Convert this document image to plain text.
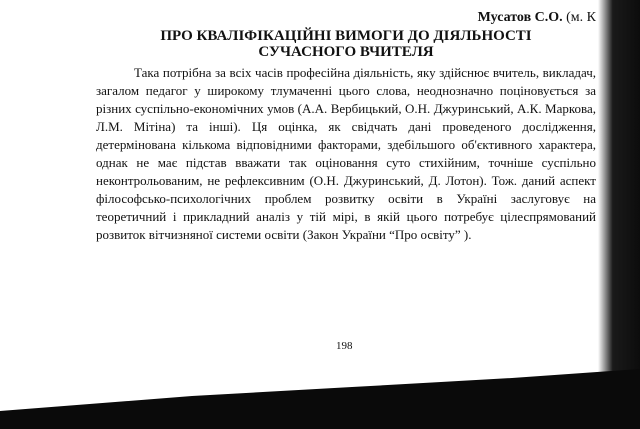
Мусатов С.О. (м. К

ПРО КВАЛІФІКАЦІЙНІ ВИМОГИ ДО ДІЯЛЬНОСТІ
СУЧАСНОГО ВЧИТЕЛЯ

Така потрібна за всіх часів професійна діяльність, яку здійснює вчитель, викладач, загалом педагог у широкому тлумаченні цього слова, неоднозначно поціновується за різних суспільно-економічних умов (А.А. Вербицький, О.Н. Джуринський, А.К. Маркова, Л.М. Мітіна) та інші). Ця оцінка, як свідчать дані проведеного дослідження, детермінована кількома відповідними факторами, здебільшого об'єктивного характера, однак не має підстав вважати так оціновання суто стихійним, точніше суспільно неконтрольованим, не рефлексивним (О.Н. Джуринський, Д. Лотон). Тож. даний аспект філософсько-психологічних проблем розвитку освіти в Україні заслуговує на теоретичний і прикладний аналіз у тій мірі, в якій цього потребує цілеспрямований розвиток вітчизняної системи освіти (Закон України “Про освіту” ).

198
